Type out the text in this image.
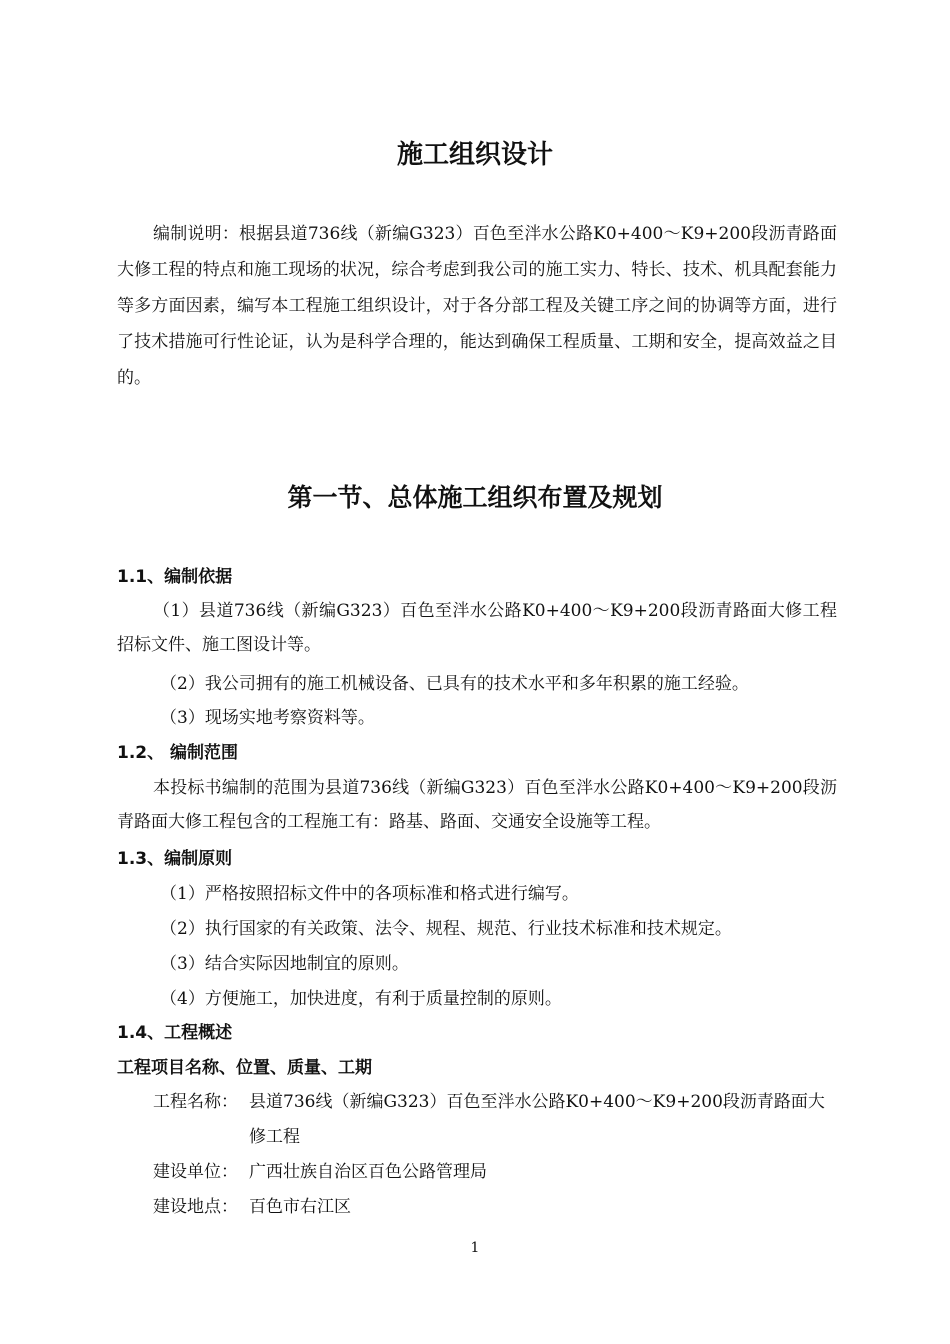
施工组织设计

编制说明：根据县道736线（新编G323）百色至泮水公路K0+400～K9+200段沥青路面大修工程的特点和施工现场的状况，综合考虑到我公司的施工实力、特长、技术、机具配套能力等多方面因素，编写本工程施工组织设计，对于各分部工程及关键工序之间的协调等方面，进行了技术措施可行性论证，认为是科学合理的，能达到确保工程质量、工期和安全，提高效益之目的。

第一节、总体施工组织布置及规划
1.1、编制依据

（1）县道736线（新编G323）百色至泮水公路K0+400～K9+200段沥青路面大修工程招标文件、施工图设计等。

（2）我公司拥有的施工机械设备、已具有的技术水平和多年积累的施工经验。
（3）现场实地考察资料等。
1.2、 编制范围

本投标书编制的范围为县道736线（新编G323）百色至泮水公路K0+400～K9+200段沥青路面大修工程包含的工程施工有：路基、路面、交通安全设施等工程。

1.3、编制原则
（1）严格按照招标文件中的各项标准和格式进行编写。
（2）执行国家的有关政策、法令、规程、规范、行业技术标准和技术规定。
（3）结合实际因地制宜的原则。
（4）方便施工，加快进度，有利于质量控制的原则。
1.4、工程概述
工程项目名称、位置、质量、工期
工程名称： 县道736线（新编G323）百色至泮水公路K0+400～K9+200段沥青路面大
修工程
建设单位： 广西壮族自治区百色公路管理局
建设地点： 百色市右江区
1
